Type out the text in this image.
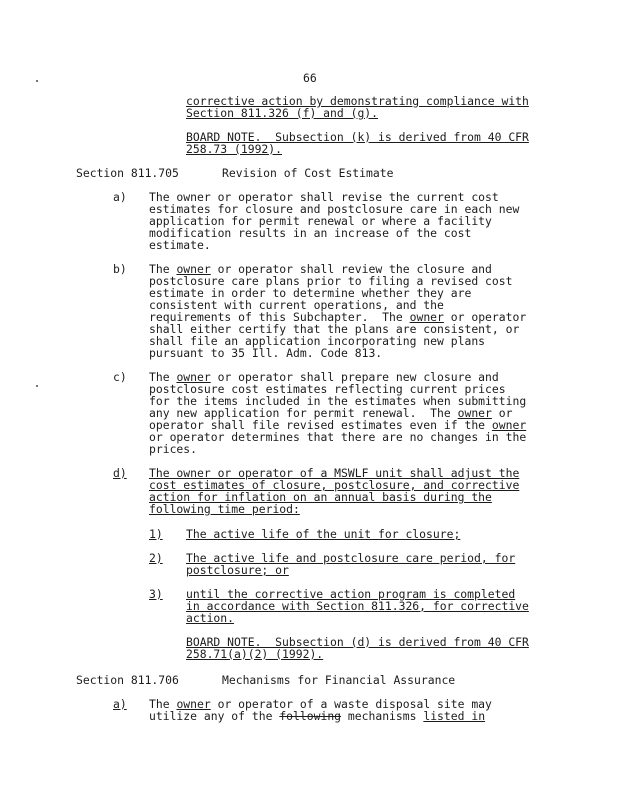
66
corrective action by demonstrating compliance with
Section 811.326 (f) and (g).
BOARD NOTE.  Subsection (k) is derived from 40 CFR
258.73 (1992).
Section 811.705	Revision of Cost Estimate
a) The owner or operator shall revise the current cost
estimates for closure and postclosure care in each new
application for permit renewal or where a facility
modification results in an increase of the cost
estimate.
b) The owner or operator shall review the closure and
postclosure care plans prior to filing a revised cost
estimate in order to determine whether they are
consistent with current operations, and the
requirements of this Subchapter.  The owner or operator
shall either certify that the plans are consistent, or
shall file an application incorporating new plans
pursuant to 35 Ill. Adm. Code 813.
c) The owner or operator shall prepare new closure and
postclosure cost estimates reflecting current prices
for the items included in the estimates when submitting
any new application for permit renewal.  The owner or
operator shall file revised estimates even if the owner
or operator determines that there are no changes in the
prices.
d) The owner or operator of a MSWLF unit shall adjust the
cost estimates of closure, postclosure, and corrective
action for inflation on an annual basis during the
following time period:
1) The active life of the unit for closure;
2) The active life and postclosure care period, for
postclosure; or
3) until the corrective action program is completed
in accordance with Section 811.326, for corrective
action.
BOARD NOTE.  Subsection (d) is derived from 40 CFR
258.71(a)(2) (1992).
Section 811.706	Mechanisms for Financial Assurance
a) The owner or operator of a waste disposal site may
utilize any of the following mechanisms listed in
